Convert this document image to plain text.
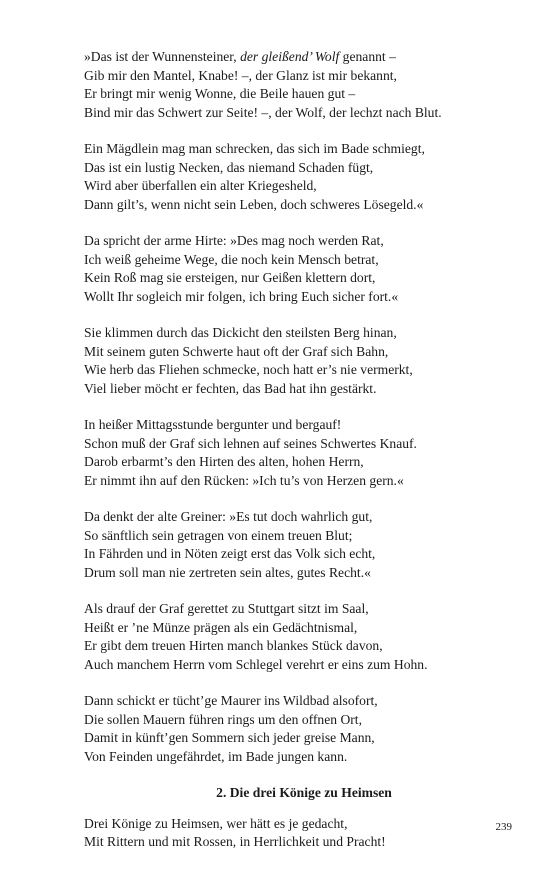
»Das ist der Wunnensteiner, der gleißend’ Wolf genannt –
Gib mir den Mantel, Knabe! –, der Glanz ist mir bekannt,
Er bringt mir wenig Wonne, die Beile hauen gut –
Bind mir das Schwert zur Seite! –, der Wolf, der lechzt nach Blut.
Ein Mägdlein mag man schrecken, das sich im Bade schmiegt,
Das ist ein lustig Necken, das niemand Schaden fügt,
Wird aber überfallen ein alter Kriegesheld,
Dann gilt’s, wenn nicht sein Leben, doch schweres Lösegeld.«
Da spricht der arme Hirte: »Des mag noch werden Rat,
Ich weiß geheime Wege, die noch kein Mensch betrat,
Kein Roß mag sie ersteigen, nur Geißen klettern dort,
Wollt Ihr sogleich mir folgen, ich bring Euch sicher fort.«
Sie klimmen durch das Dickicht den steilsten Berg hinan,
Mit seinem guten Schwerte haut oft der Graf sich Bahn,
Wie herb das Fliehen schmecke, noch hatt er’s nie vermerkt,
Viel lieber möcht er fechten, das Bad hat ihn gestärkt.
In heißer Mittagsstunde bergunter und bergauf!
Schon muß der Graf sich lehnen auf seines Schwertes Knauf.
Darob erbarmt’s den Hirten des alten, hohen Herrn,
Er nimmt ihn auf den Rücken: »Ich tu’s von Herzen gern.«
Da denkt der alte Greiner: »Es tut doch wahrlich gut,
So sänftlich sein getragen von einem treuen Blut;
In Fährden und in Nöten zeigt erst das Volk sich echt,
Drum soll man nie zertreten sein altes, gutes Recht.«
Als drauf der Graf gerettet zu Stuttgart sitzt im Saal,
Heißt er ’ne Münze prägen als ein Gedächtnismal,
Er gibt dem treuen Hirten manch blankes Stück davon,
Auch manchem Herrn vom Schlegel verehrt er eins zum Hohn.
Dann schickt er tücht’ge Maurer ins Wildbad alsofort,
Die sollen Mauern führen rings um den offnen Ort,
Damit in künft’gen Sommern sich jeder greise Mann,
Von Feinden ungefährdet, im Bade jungen kann.
2. Die drei Könige zu Heimsen
Drei Könige zu Heimsen, wer hätt es je gedacht,
Mit Rittern und mit Rossen, in Herrlichkeit und Pracht!
239
